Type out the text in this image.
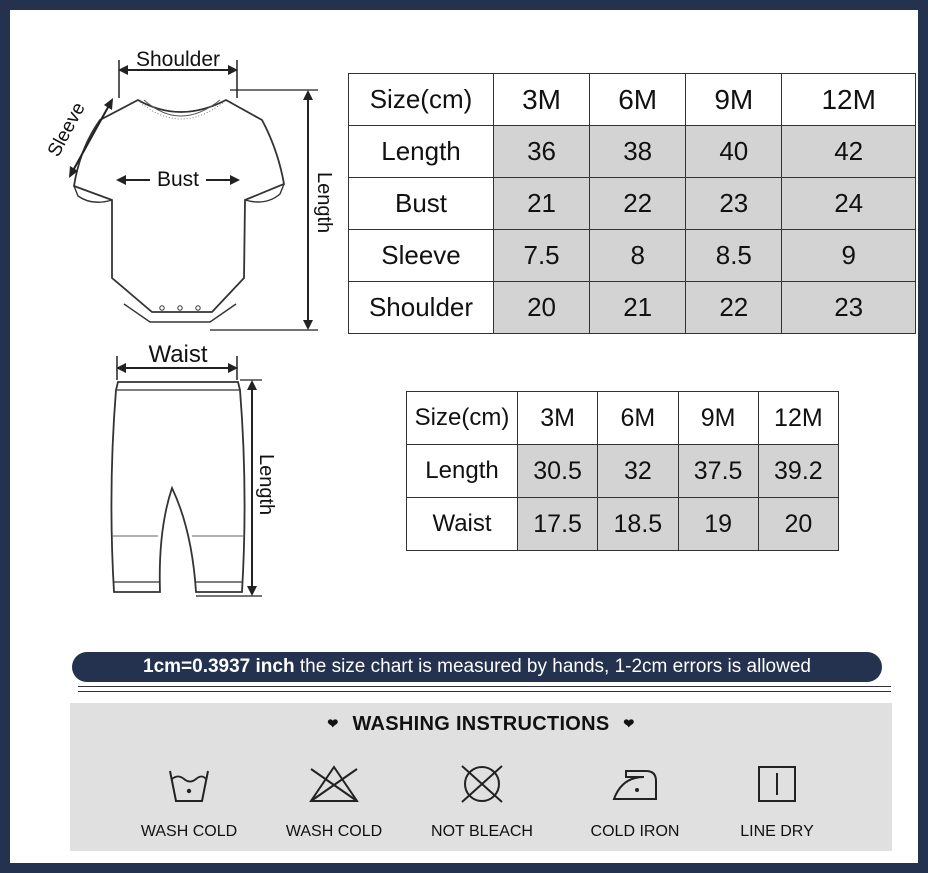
Shoulder
Sleeve
Bust	Length
Waist
Length
Size(cm)	3M	6M	9M	12M
Length	36	38	40	42
Bust	21	22	23	24
Sleeve	7.5	8	8.5	9
Shoulder	20	21	22	23
Size(cm)	3M	6M	9M	12M
Length	30.5	32	37.5	39.2
Waist	17.5	18.5	19	20
1cm=0.3937 inch the size chart is measured by hands, 1-2cm errors is allowed
❤ WASHING INSTRUCTIONS ❤
WASH COLD	WASH COLD	NOT BLEACH	COLD IRON	LINE DRY
